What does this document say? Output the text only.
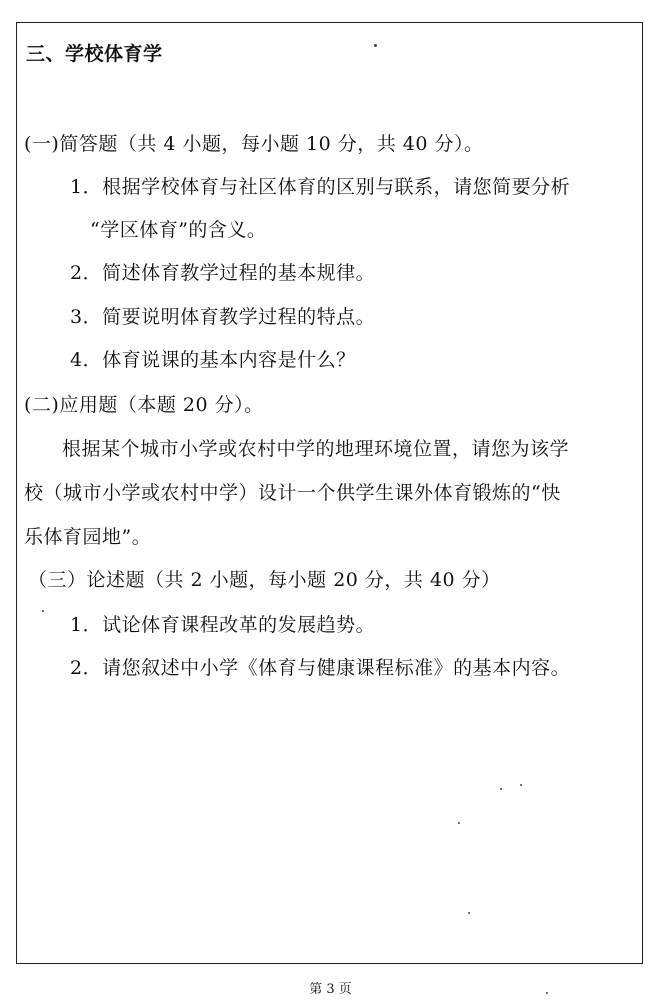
三、学校体育学
(一)简答题（共 4 小题，每小题 10 分，共 40 分）。
1．根据学校体育与社区体育的区别与联系，请您简要分析
“学区体育”的含义。
2．简述体育教学过程的基本规律。
3．简要说明体育教学过程的特点。
4．体育说课的基本内容是什么？
(二)应用题（本题 20 分）。
根据某个城市小学或农村中学的地理环境位置，请您为该学
校（城市小学或农村中学）设计一个供学生课外体育锻炼的“快
乐体育园地”。
（三）论述题（共 2 小题，每小题 20 分，共 40 分）
1．试论体育课程改革的发展趋势。
2．请您叙述中小学《体育与健康课程标准》的基本内容。
第 3 页
